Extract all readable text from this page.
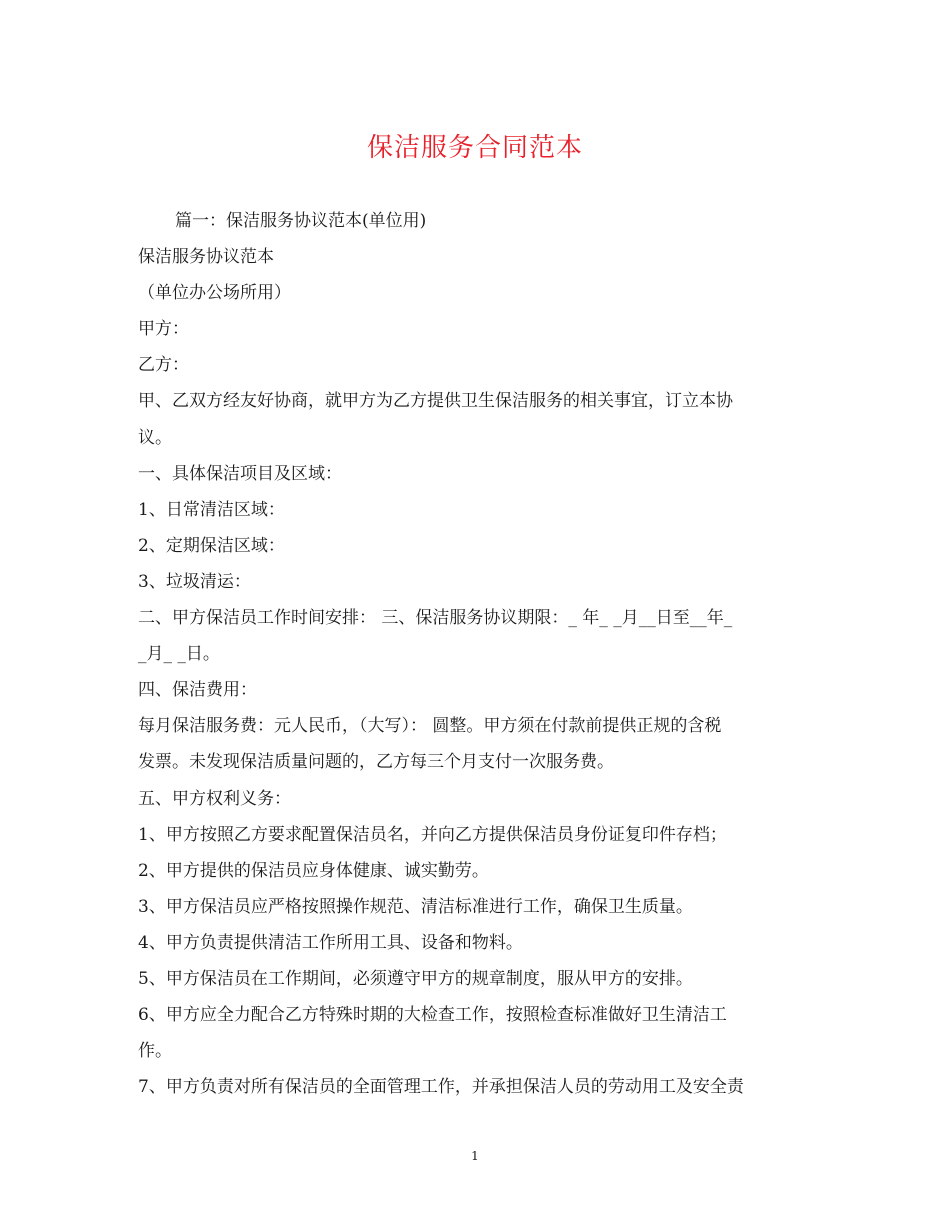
保洁服务合同范本
篇一：保洁服务协议范本(单位用)
保洁服务协议范本
（单位办公场所用）
甲方：
乙方：
甲、乙双方经友好协商，就甲方为乙方提供卫生保洁服务的相关事宜，订立本协
议。
一、具体保洁项目及区域：
1、日常清洁区域：
2、定期保洁区域：
3、垃圾清运：
二、甲方保洁员工作时间安排： 三、保洁服务协议期限：_ 年_ _月__日至__年_
_月_ _日。
四、保洁费用：
每月保洁服务费：元人民币，（大写）： 圆整。甲方须在付款前提供正规的含税
发票。未发现保洁质量问题的，乙方每三个月支付一次服务费。
五、甲方权利义务：
1、甲方按照乙方要求配置保洁员名，并向乙方提供保洁员身份证复印件存档；
2、甲方提供的保洁员应身体健康、诚实勤劳。
3、甲方保洁员应严格按照操作规范、清洁标准进行工作，确保卫生质量。
4、甲方负责提供清洁工作所用工具、设备和物料。
5、甲方保洁员在工作期间，必须遵守甲方的规章制度，服从甲方的安排。
6、甲方应全力配合乙方特殊时期的大检查工作，按照检查标准做好卫生清洁工
作。
7、甲方负责对所有保洁员的全面管理工作，并承担保洁人员的劳动用工及安全责
1
